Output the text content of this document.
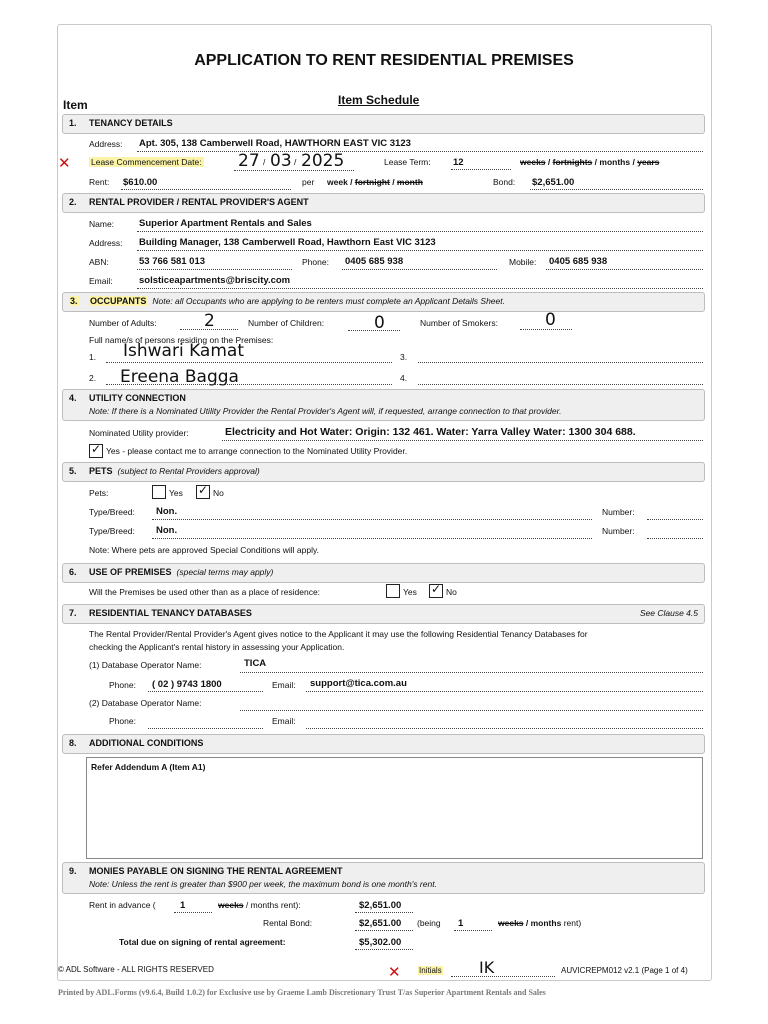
APPLICATION TO RENT RESIDENTIAL PREMISES
Item	Item Schedule
1. TENANCY DETAILS
Address: Apt. 305, 138 Camberwell Road, HAWTHORN EAST VIC 3123
✕ Lease Commencement Date: 27 / 03 / 2025	Lease Term: 12	weeks / fortnights / months / years
Rent: $610.00	per week / fortnight / month	Bond: $2,651.00
2. RENTAL PROVIDER / RENTAL PROVIDER'S AGENT
Name:	Superior Apartment Rentals and Sales
Address: Building Manager, 138 Camberwell Road, Hawthorn East VIC 3123
ABN:	53 766 581 013	Phone: 0405 685 938	Mobile: 0405 685 938
Email:	solsticeapartments@briscity.com
3. OCCUPANTS Note: all Occupants who are applying to be renters must complete an Applicant Details Sheet.
Number of Adults:	2	Number of Children:	0	Number of Smokers:	0
Full name/s of persons residing on the Premises:
1. Ishwari Kamat	3.
2. Ereena Bagga	4.
4. UTILITY CONNECTION
Note: If there is a Nominated Utility Provider the Rental Provider's Agent will, if requested, arrange connection to that provider.
Nominated Utility provider:	Electricity and Hot Water: Origin: 132 461. Water: Yarra Valley Water: 1300 304 688.
✓ Yes - please contact me to arrange connection to the Nominated Utility Provider.
5. PETS (subject to Rental Providers approval)
Pets:	Yes ✓ No
Type/Breed: Non.	Number:
Type/Breed: Non.	Number:
Note: Where pets are approved Special Conditions will apply.
6. USE OF PREMISES (special terms may apply)
Will the Premises be used other than as a place of residence:	Yes ✓ No
7. RESIDENTIAL TENANCY DATABASES	See Clause 4.5
The Rental Provider/Rental Provider's Agent gives notice to the Applicant it may use the following Residential Tenancy Databases for
checking the Applicant's rental history in assessing your Application.
(1) Database Operator Name:	TICA
Phone: ( 02 ) 9743 1800	Email: support@tica.com.au
(2) Database Operator Name:
Phone:	Email:
8. ADDITIONAL CONDITIONS
Refer Addendum A (Item A1)
9. MONIES PAYABLE ON SIGNING THE RENTAL AGREEMENT
Note: Unless the rent is greater than $900 per week, the maximum bond is one month's rent.
Rent in advance (	1	weeks / months rent):	$2,651.00
Rental Bond:	$2,651.00 (being 1	weeks / months rent)
Total due on signing of rental agreement:	$5,302.00
© ADL Software - ALL RIGHTS RESERVED	✕ Initials IK	AUVICREPM012 v2.1 (Page 1 of 4)
Printed by ADL.Forms (v9.6.4, Build 1.0.2) for Exclusive use by Graeme Lamb Discretionary Trust T/as Superior Apartment Rentals and Sales
